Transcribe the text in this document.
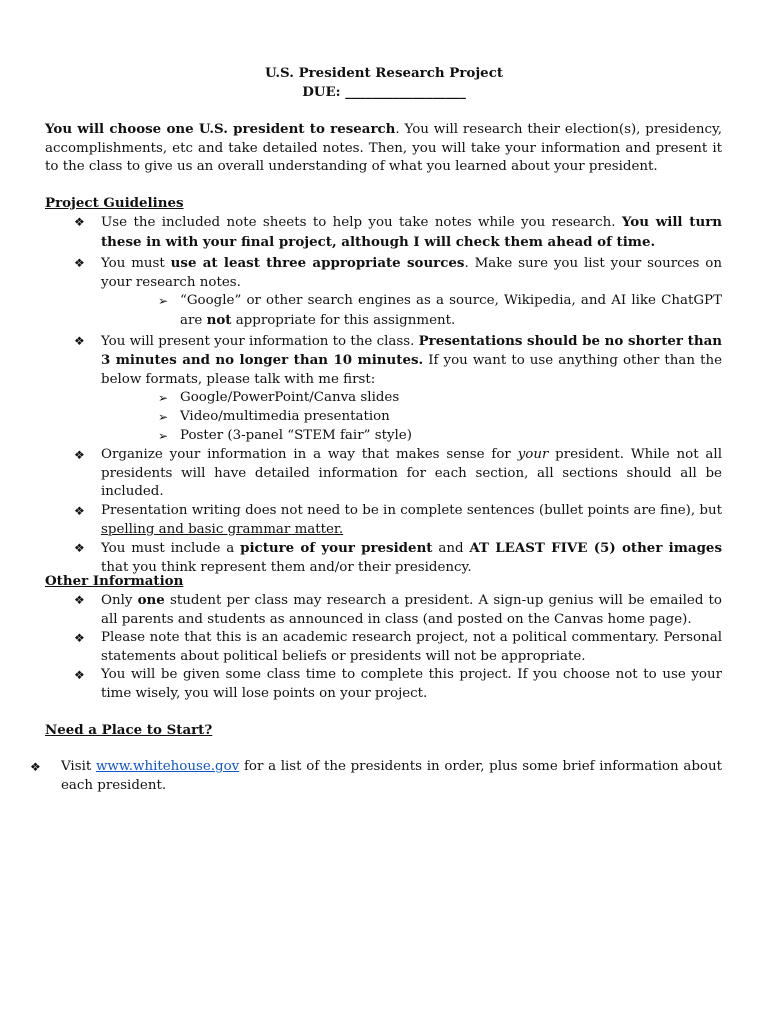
U.S. President Research Project
DUE: __________________
You will choose one U.S. president to research. You will research their election(s), presidency, accomplishments, etc and take detailed notes. Then, you will take your information and present it to the class to give us an overall understanding of what you learned about your president.
Project Guidelines
❖ Use the included note sheets to help you take notes while you research. You will turn these in with your final project, although I will check them ahead of time.
❖ You must use at least three appropriate sources. Make sure you list your sources on your research notes.
➢ “Google” or other search engines as a source, Wikipedia, and AI like ChatGPT are not appropriate for this assignment.
❖ You will present your information to the class. Presentations should be no shorter than 3 minutes and no longer than 10 minutes. If you want to use anything other than the below formats, please talk with me first:
➢ Google/PowerPoint/Canva slides
➢ Video/multimedia presentation
➢ Poster (3-panel “STEM fair” style)
❖ Organize your information in a way that makes sense for your president. While not all presidents will have detailed information for each section, all sections should all be included.
❖ Presentation writing does not need to be in complete sentences (bullet points are fine), but spelling and basic grammar matter.
❖ You must include a picture of your president and AT LEAST FIVE (5) other images that you think represent them and/or their presidency.
Other Information
❖ Only one student per class may research a president. A sign-up genius will be emailed to all parents and students as announced in class (and posted on the Canvas home page).
❖ Please note that this is an academic research project, not a political commentary. Personal statements about political beliefs or presidents will not be appropriate.
❖ You will be given some class time to complete this project. If you choose not to use your time wisely, you will lose points on your project.
Need a Place to Start?
❖ Visit www.whitehouse.gov for a list of the presidents in order, plus some brief information about each president.
